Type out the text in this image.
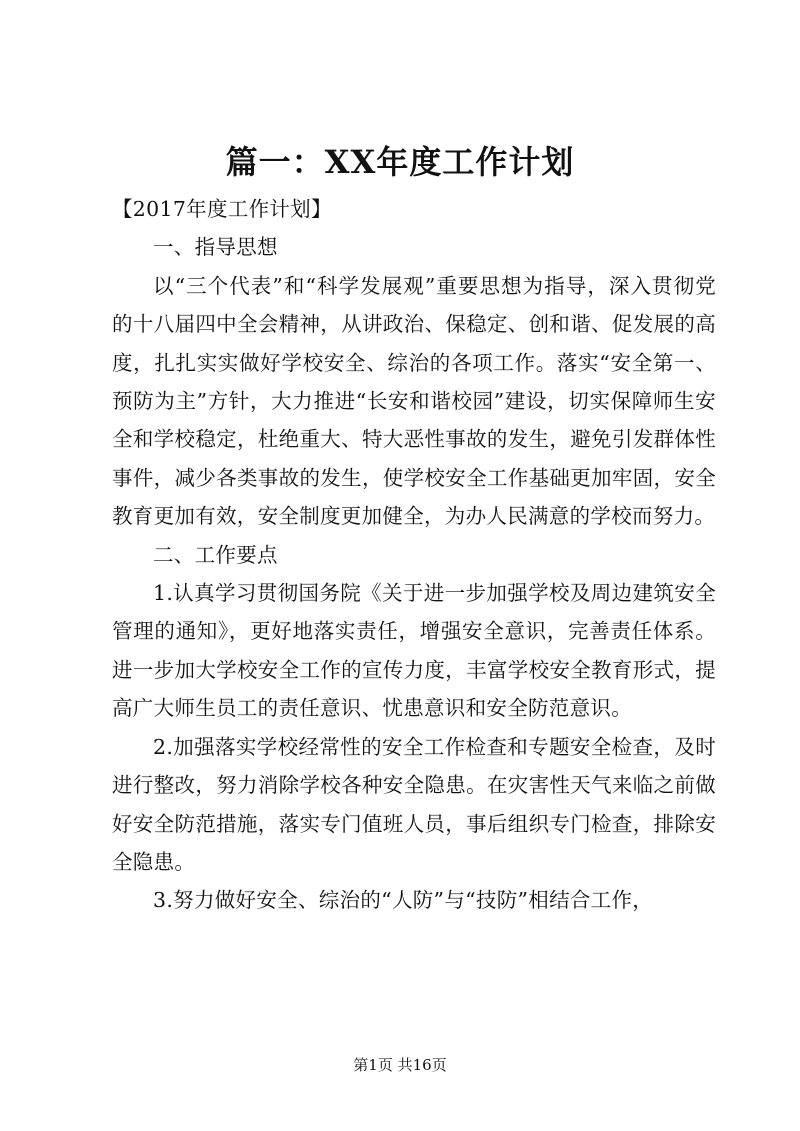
篇一：XX年度工作计划

【2017年度工作计划】

一、指导思想

以“三个代表”和“科学发展观”重要思想为指导，深入贯彻党的十八届四中全会精神，从讲政治、保稳定、创和谐、促发展的高度，扎扎实实做好学校安全、综治的各项工作。落实“安全第一、预防为主”方针，大力推进“长安和谐校园”建设，切实保障师生安全和学校稳定，杜绝重大、特大恶性事故的发生，避免引发群体性事件，减少各类事故的发生，使学校安全工作基础更加牢固，安全教育更加有效，安全制度更加健全，为办人民满意的学校而努力。

二、工作要点

1.认真学习贯彻国务院《关于进一步加强学校及周边建筑安全管理的通知》，更好地落实责任，增强安全意识，完善责任体系。进一步加大学校安全工作的宣传力度，丰富学校安全教育形式，提高广大师生员工的责任意识、忧患意识和安全防范意识。

2.加强落实学校经常性的安全工作检查和专题安全检查，及时进行整改，努力消除学校各种安全隐患。在灾害性天气来临之前做好安全防范措施，落实专门值班人员，事后组织专门检查，排除安全隐患。

3.努力做好安全、综治的“人防”与“技防”相结合工作，

第1页 共16页
